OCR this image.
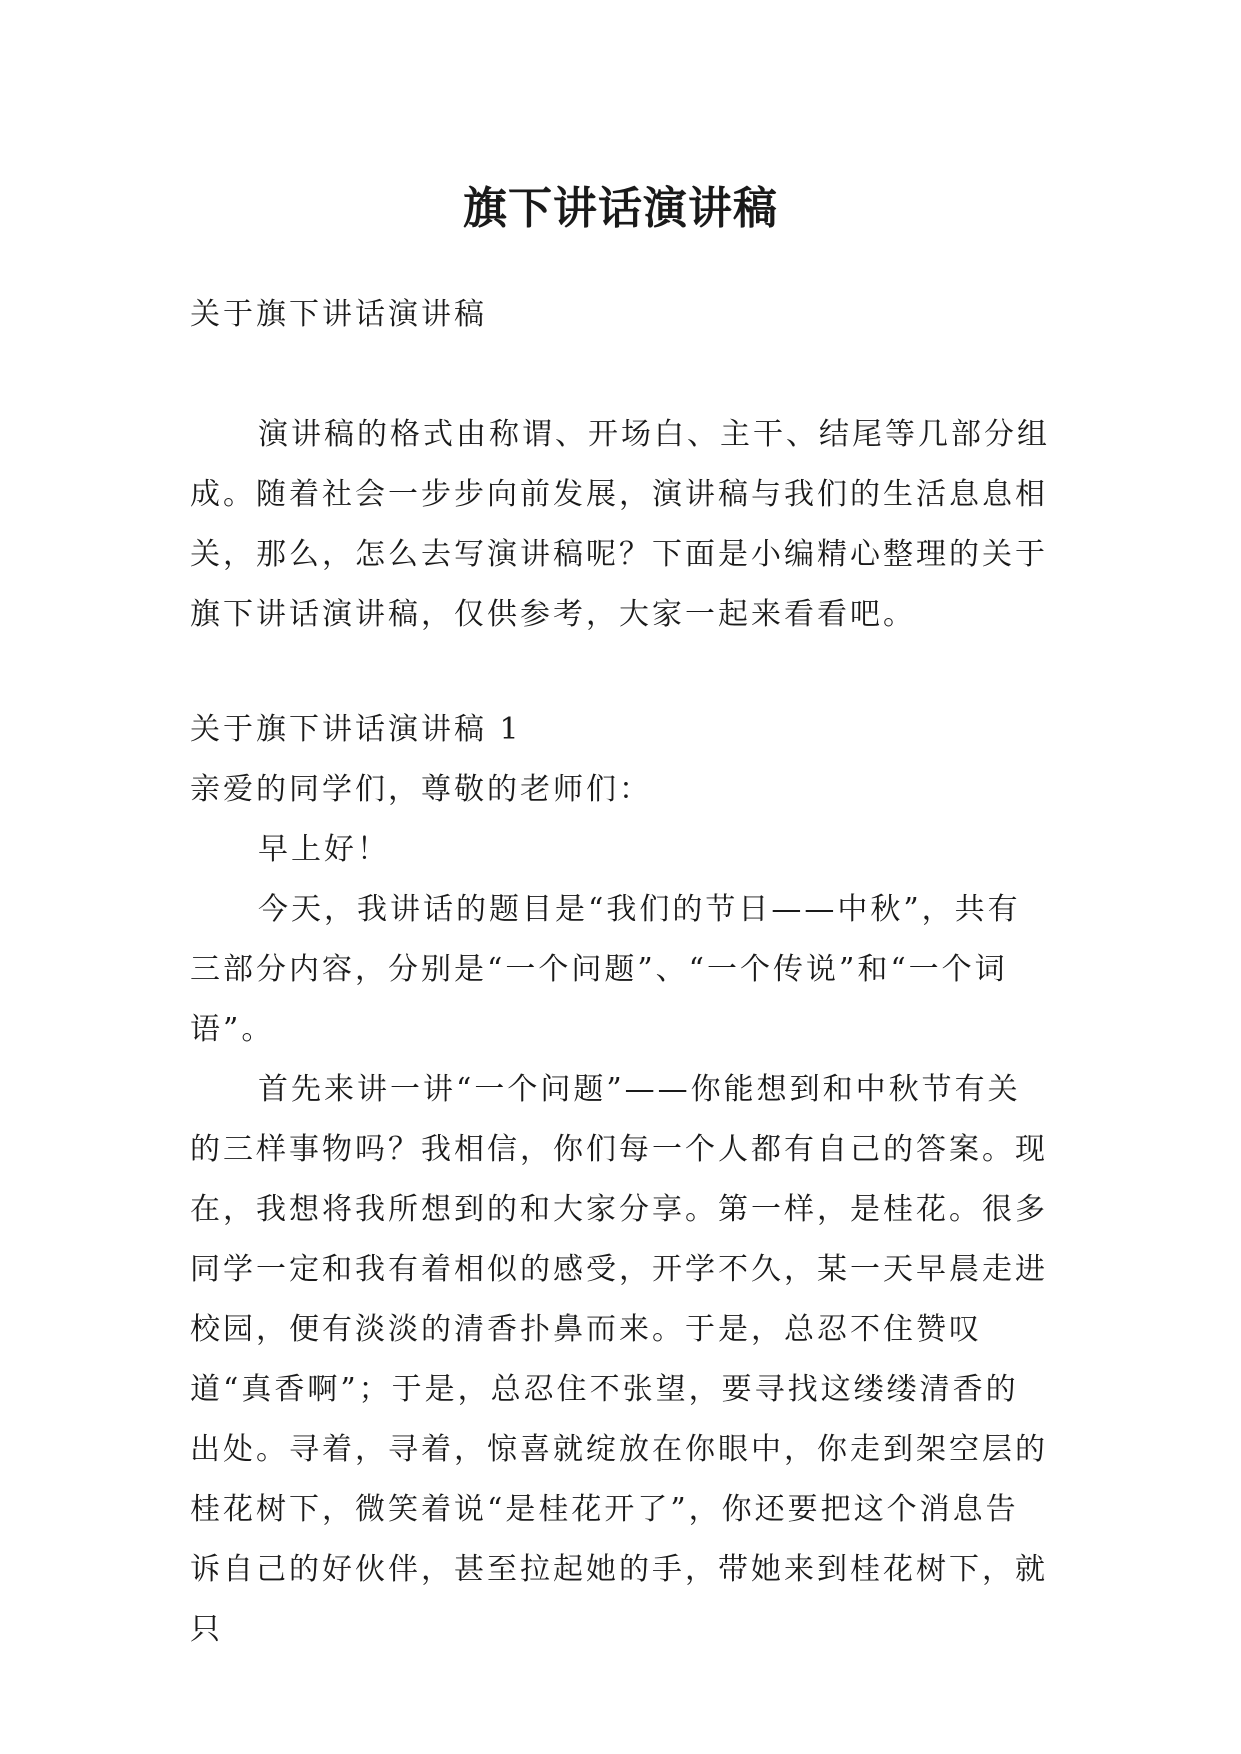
旗下讲话演讲稿

关于旗下讲话演讲稿

演讲稿的格式由称谓、开场白、主干、结尾等几部分组成。随着社会一步步向前发展，演讲稿与我们的生活息息相关，那么，怎么去写演讲稿呢？下面是小编精心整理的关于旗下讲话演讲稿，仅供参考，大家一起来看看吧。

关于旗下讲话演讲稿 1

亲爱的同学们，尊敬的老师们：

早上好！

今天，我讲话的题目是“我们的节日——中秋”，共有三部分内容，分别是“一个问题”、“一个传说”和“一个词语”。

首先来讲一讲“一个问题”——你能想到和中秋节有关的三样事物吗？我相信，你们每一个人都有自己的答案。现在，我想将我所想到的和大家分享。第一样，是桂花。很多同学一定和我有着相似的感受，开学不久，某一天早晨走进校园，便有淡淡的清香扑鼻而来。于是，总忍不住赞叹道“真香啊”；于是，总忍住不张望，要寻找这缕缕清香的出处。寻着，寻着，惊喜就绽放在你眼中，你走到架空层的桂花树下，微笑着说“是桂花开了”，你还要把这个消息告诉自己的好伙伴，甚至拉起她的手，带她来到桂花树下，就只
